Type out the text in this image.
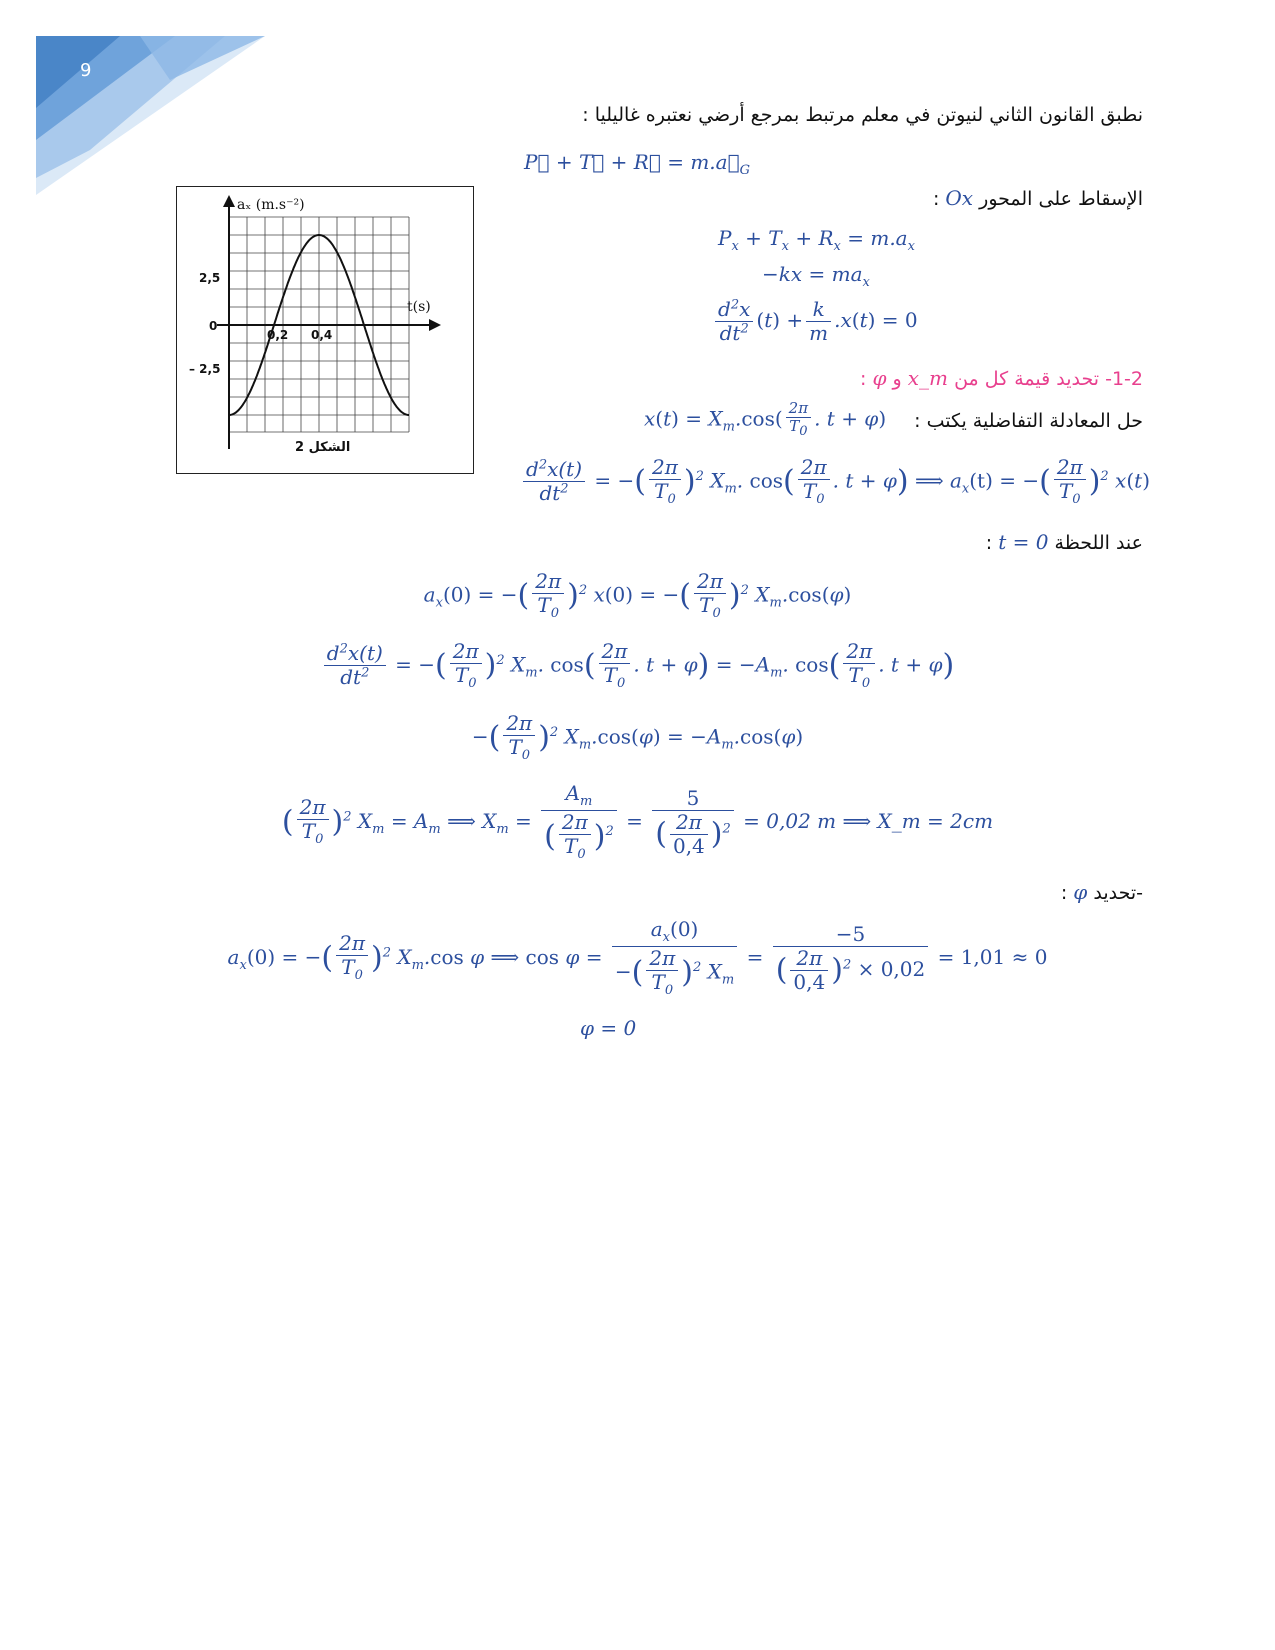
9
نطبق القانون الثاني لنيوتن في معلم مرتبط بمرجع أرضي نعتبره غاليليا :
P⃗ + T⃗ + R⃗ = $m.a⃗_G$
aₓ (m.s⁻²)
t(s)
2,5
0
– 2,5
0,2 0,4
الشكل 2
الإسقاط على المحور Ox :
$P_x + T_x + R_x = m.a_x$
$-kx = ma_x$
$\frac{d^2x}{dt^2} (t) + \frac{k}{m} .x(t) = 0$
1-2- تحديد قيمة كل من x_m و φ :
حل المعادلة التفاضلية يكتب :
$x(t) = X_m.\cos( \frac{2\pi}{T_0}$ . t + φ)
$\frac{d^2x(t)}{dt^2}$ = −( $\frac{2\pi}{T_0} )^2$ $X_m$. $\cos( \frac{2\pi}{T_0}$ . t + φ) ⟹ $a_x(t)$ = −( $\frac{2\pi}{T_0} )^2$ x(t)
عند اللحظة t = 0 :
$a_x(0)$ = −( $\frac{2\pi}{T_0} )^2$ x(0) = −( $\frac{2\pi}{T_0} )^2$ $X_m.\cos(\varphi)$
$\frac{d^2x(t)}{dt^2}$ = −( $\frac{2\pi}{T_0} )^2$ $X_m$. $\cos( \frac{2\pi}{T_0}$ . $t + \varphi) = -A_m$. $\cos( \frac{2\pi}{T_0}$ . t + φ)
−( $\frac{2\pi}{T_0} )^2$ $X_m.\cos(\varphi) = -A_m.\cos(\varphi)$
( $\frac{2\pi}{T_0} )^2$ $X_m = A_m$ ⟹ $X_m = \frac{A_m}{( \frac{2\pi}{T_0} )^2} = \frac{5}{( \frac{2\pi}{0,4} )^2} = 0,02$ m ⟹ X_m = 2cm
-تحديد φ :
$a_x(0)$ = −( $\frac{2\pi}{T_0} )^2$ $X_m.\cos$ φ ⟹ $\cos \varphi = \frac{a_x(0)}{-( \frac{2\pi}{T_0} )^2 X_m} = \frac{-5}{( \frac{2\pi}{0,4} )^2 \times 0,02} = 1,01 \approx 0$
φ = 0
